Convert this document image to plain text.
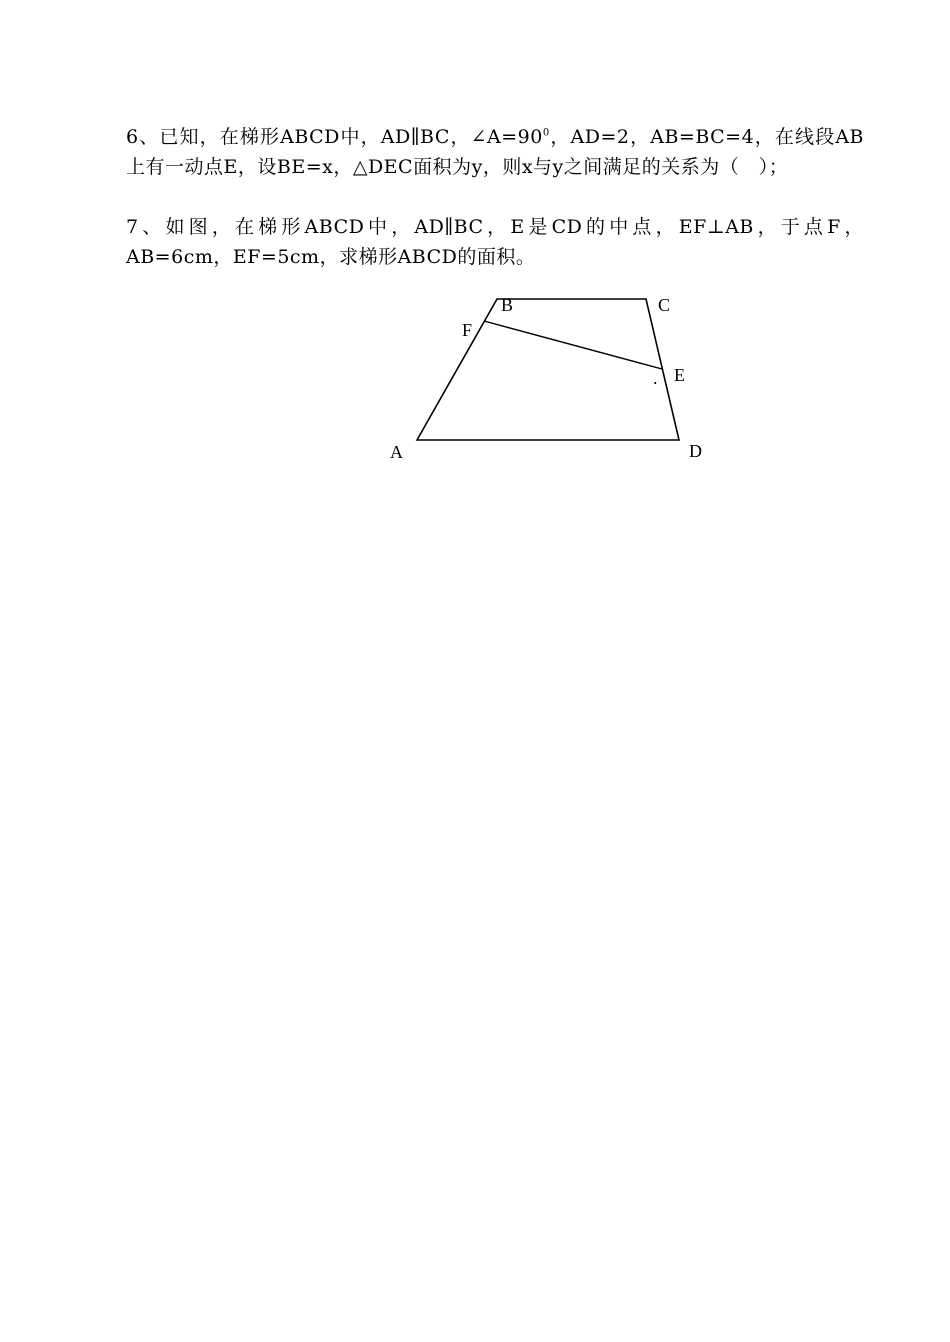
6、已知，在梯形ABCD中，AD∥BC，$\angle A=90^0$，AD=2，AB=BC=4，在线段AB上有一动点E，设BE=x，△DEC面积为y，则x与y之间满足的关系为（　）；
7、如图，在梯形ABCD中，AD∥BC，E是CD的中点，EF⊥AB，于点F，AB=6cm，EF=5cm，求梯形ABCD的面积。
A
B	C
D
E
F
.
